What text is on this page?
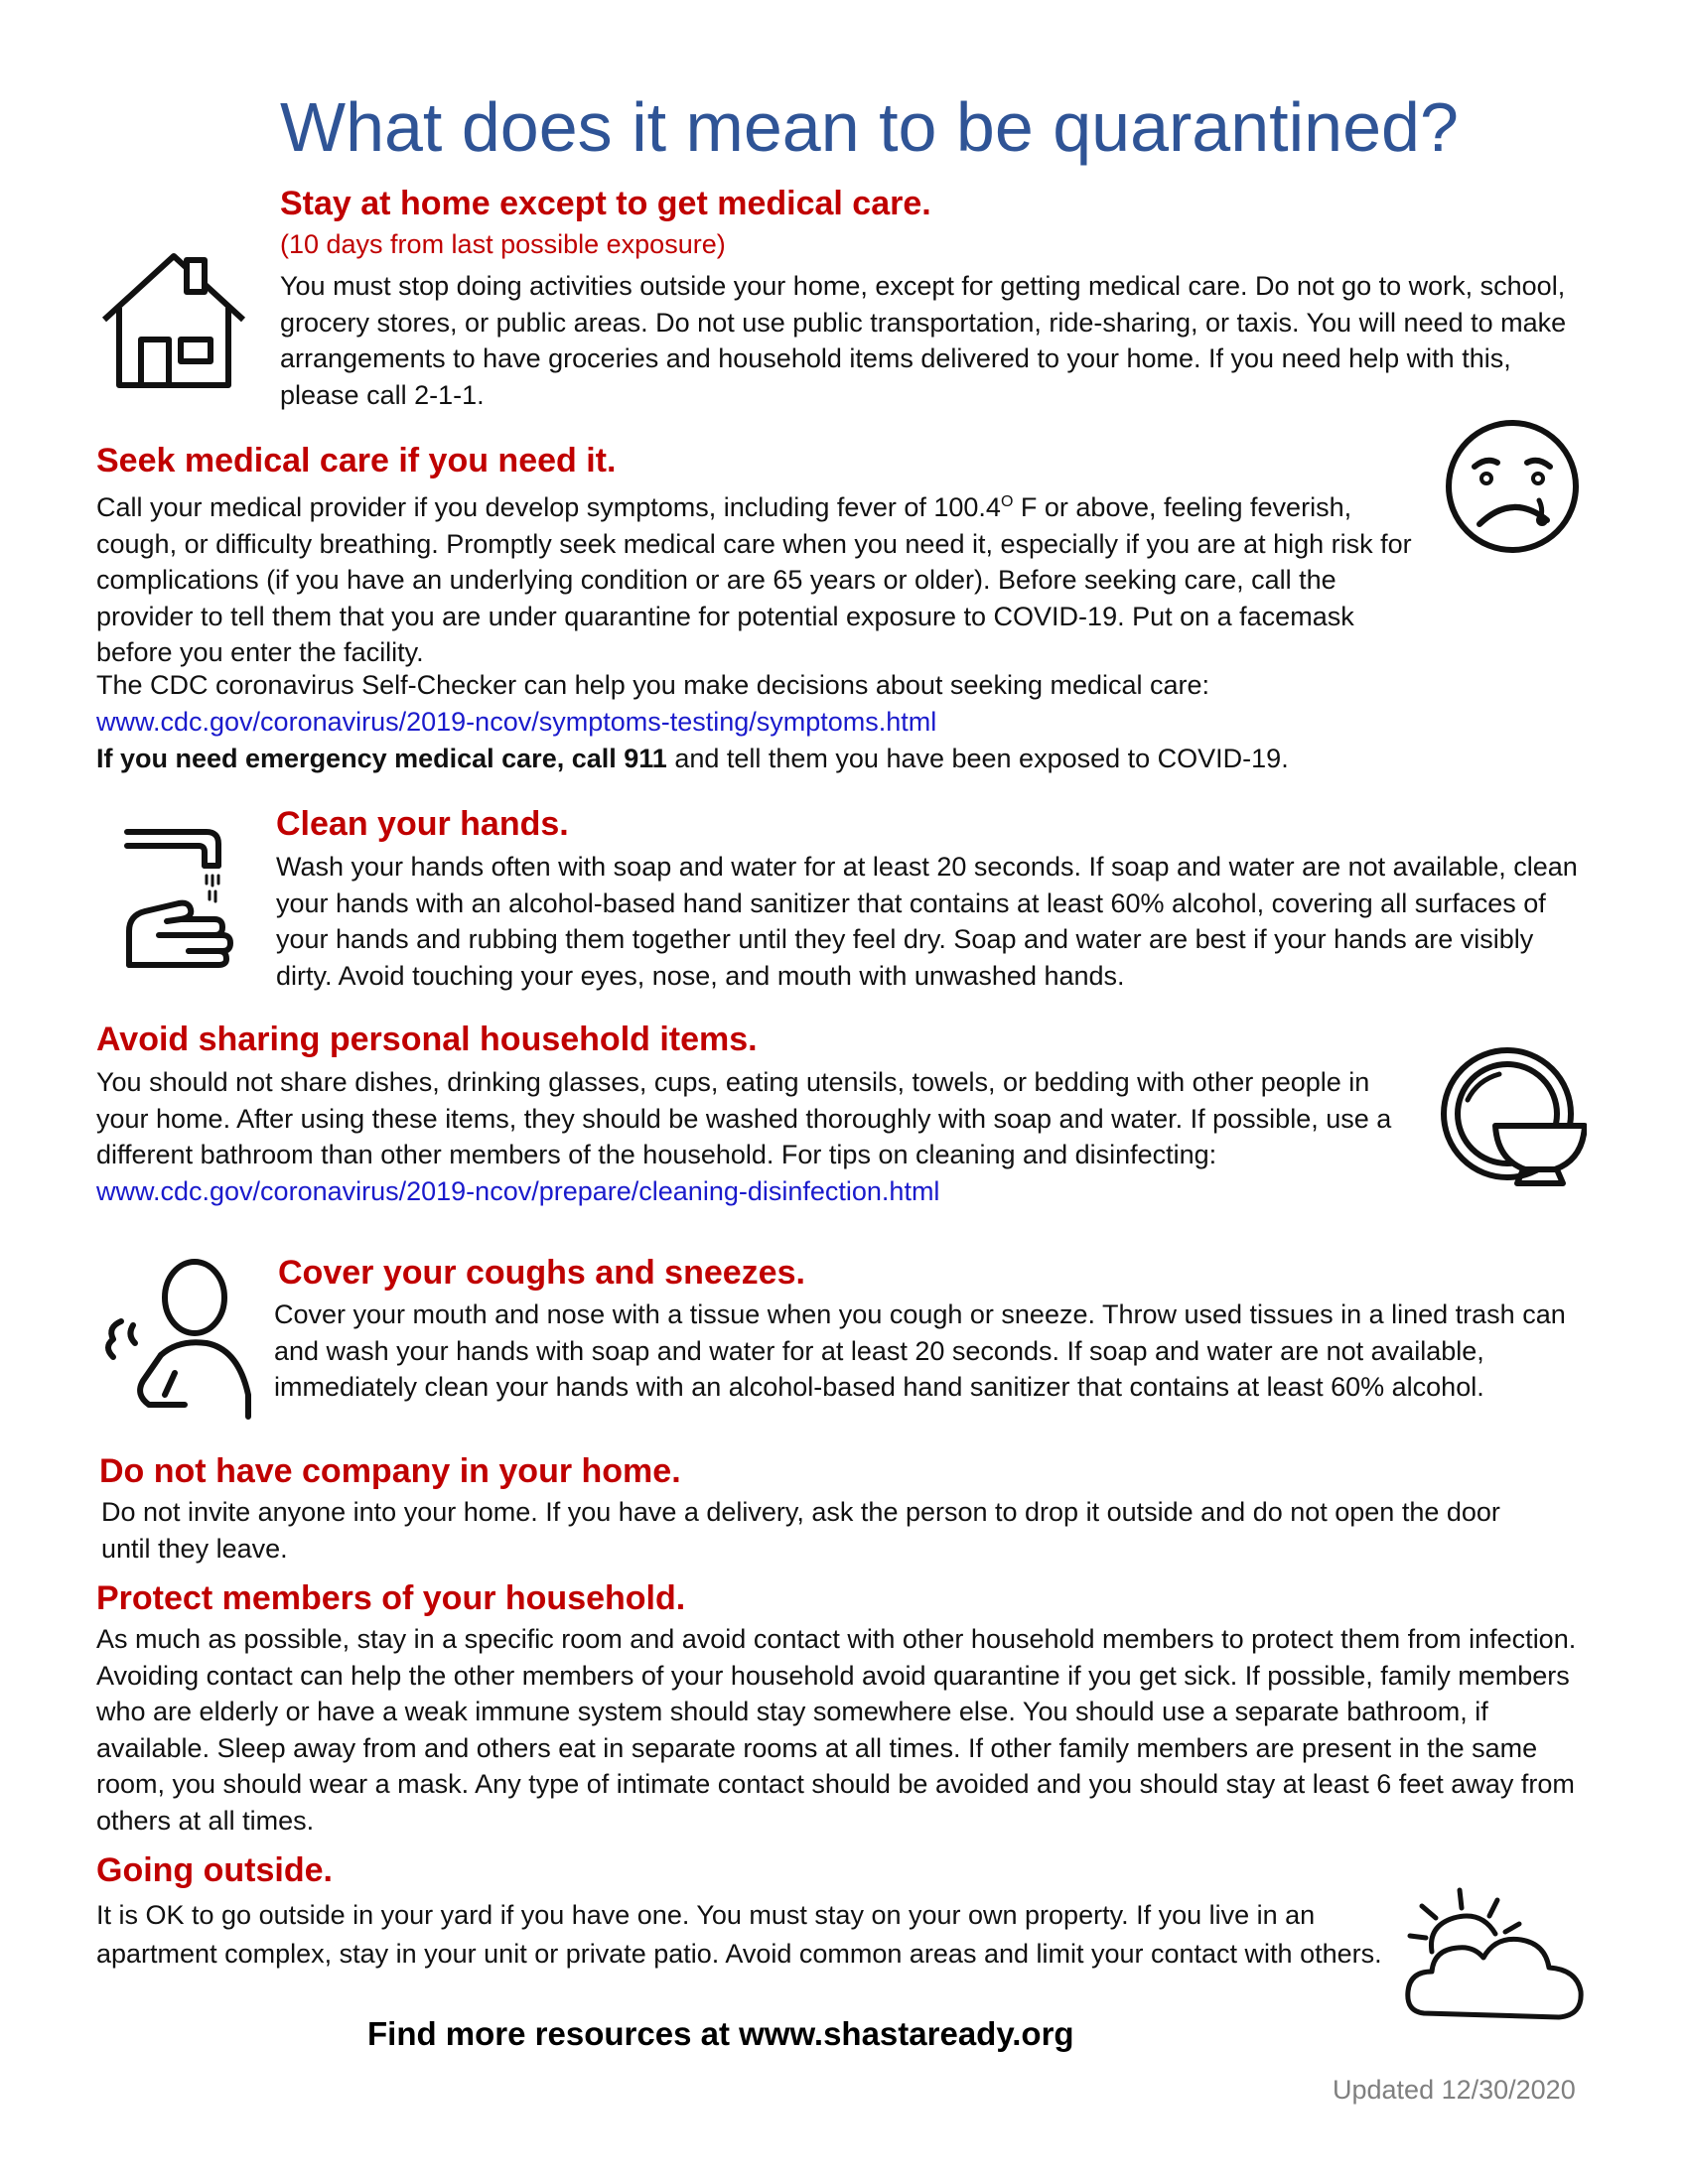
What does it mean to be quarantined?
Stay at home except to get medical care.
(10 days from last possible exposure)
You must stop doing activities outside your home, except for getting medical care. Do not go to work, school, grocery stores, or public areas. Do not use public transportation, ride-sharing, or taxis. You will need to make arrangements to have groceries and household items delivered to your home. If you need help with this, please call 2-1-1.
Seek medical care if you need it.
Call your medical provider if you develop symptoms, including fever of $100.4^O$ F or above, feeling feverish, cough, or difficulty breathing. Promptly seek medical care when you need it, especially if you are at high risk for complications (if you have an underlying condition or are 65 years or older). Before seeking care, call the provider to tell them that you are under quarantine for potential exposure to COVID-19. Put on a facemask before you enter the facility.
The CDC coronavirus Self-Checker can help you make decisions about seeking medical care:
www.cdc.gov/coronavirus/2019-ncov/symptoms-testing/symptoms.html
If you need emergency medical care, call 911 and tell them you have been exposed to COVID-19.
Clean your hands.
Wash your hands often with soap and water for at least 20 seconds. If soap and water are not available, clean your hands with an alcohol-based hand sanitizer that contains at least 60% alcohol, covering all surfaces of your hands and rubbing them together until they feel dry. Soap and water are best if your hands are visibly dirty. Avoid touching your eyes, nose, and mouth with unwashed hands.
Avoid sharing personal household items.
You should not share dishes, drinking glasses, cups, eating utensils, towels, or bedding with other people in your home. After using these items, they should be washed thoroughly with soap and water. If possible, use a different bathroom than other members of the household. For tips on cleaning and disinfecting: www.cdc.gov/coronavirus/2019-ncov/prepare/cleaning-disinfection.html
Cover your coughs and sneezes.
Cover your mouth and nose with a tissue when you cough or sneeze. Throw used tissues in a lined trash can and wash your hands with soap and water for at least 20 seconds. If soap and water are not available, immediately clean your hands with an alcohol-based hand sanitizer that contains at least 60% alcohol.
Do not have company in your home.
Do not invite anyone into your home. If you have a delivery, ask the person to drop it outside and do not open the door until they leave.
Protect members of your household.
As much as possible, stay in a specific room and avoid contact with other household members to protect them from infection. Avoiding contact can help the other members of your household avoid quarantine if you get sick. If possible, family members who are elderly or have a weak immune system should stay somewhere else. You should use a separate bathroom, if available. Sleep away from and others eat in separate rooms at all times. If other family members are present in the same room, you should wear a mask. Any type of intimate contact should be avoided and you should stay at least 6 feet away from others at all times.
Going outside.
It is OK to go outside in your yard if you have one. You must stay on your own property. If you live in an apartment complex, stay in your unit or private patio. Avoid common areas and limit your contact with others.
Find more resources at www.shastaready.org
Updated 12/30/2020
